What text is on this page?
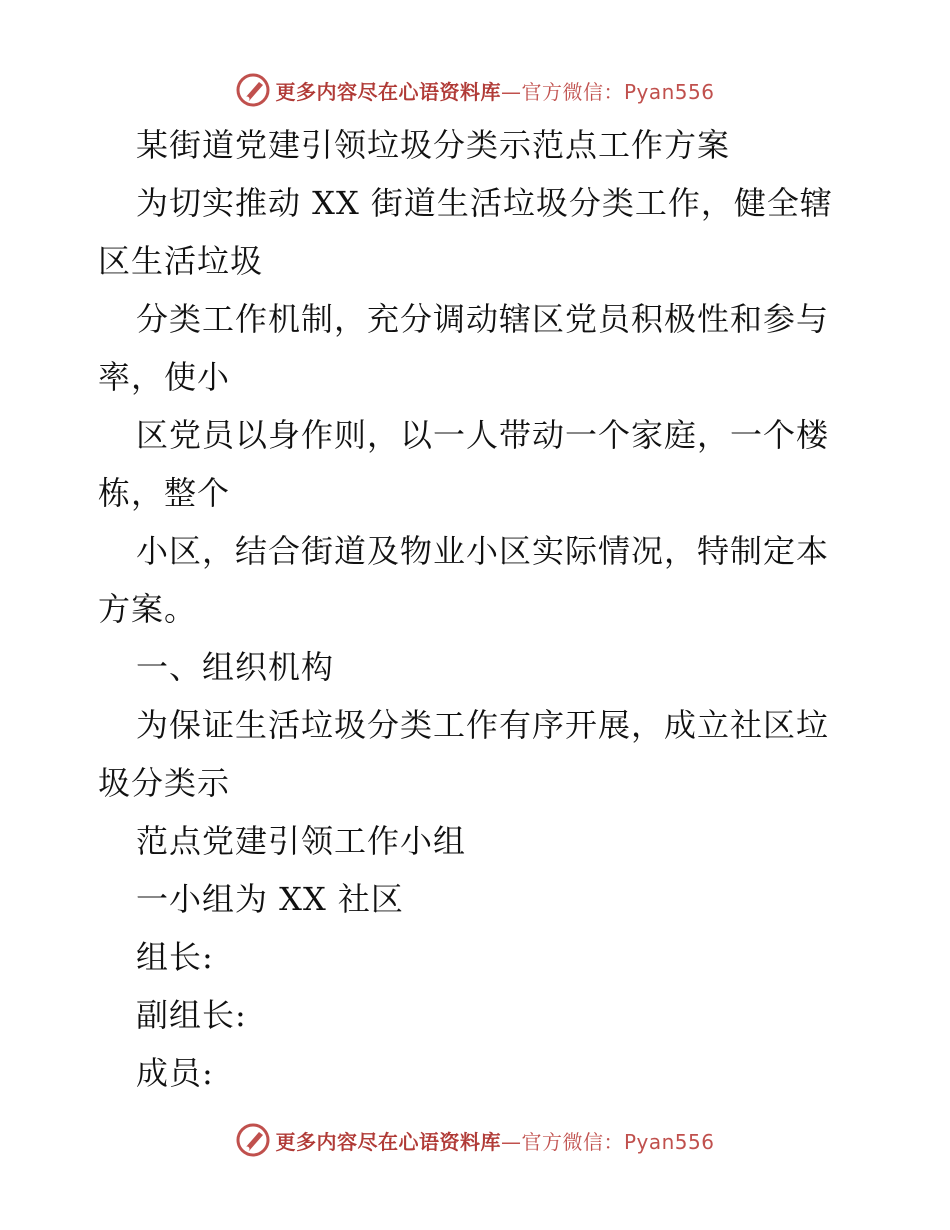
更多内容尽在心语资料库—官方微信：Pyan556
某街道党建引领垃圾分类示范点工作方案
为切实推动 XX 街道生活垃圾分类工作，健全辖
区生活垃圾
分类工作机制，充分调动辖区党员积极性和参与
率，使小
区党员以身作则，以一人带动一个家庭，一个楼
栋，整个
小区，结合街道及物业小区实际情况，特制定本
方案。
一、组织机构
为保证生活垃圾分类工作有序开展，成立社区垃
圾分类示
范点党建引领工作小组
一小组为 XX 社区
组长:
副组长:
成员:
更多内容尽在心语资料库—官方微信：Pyan556
